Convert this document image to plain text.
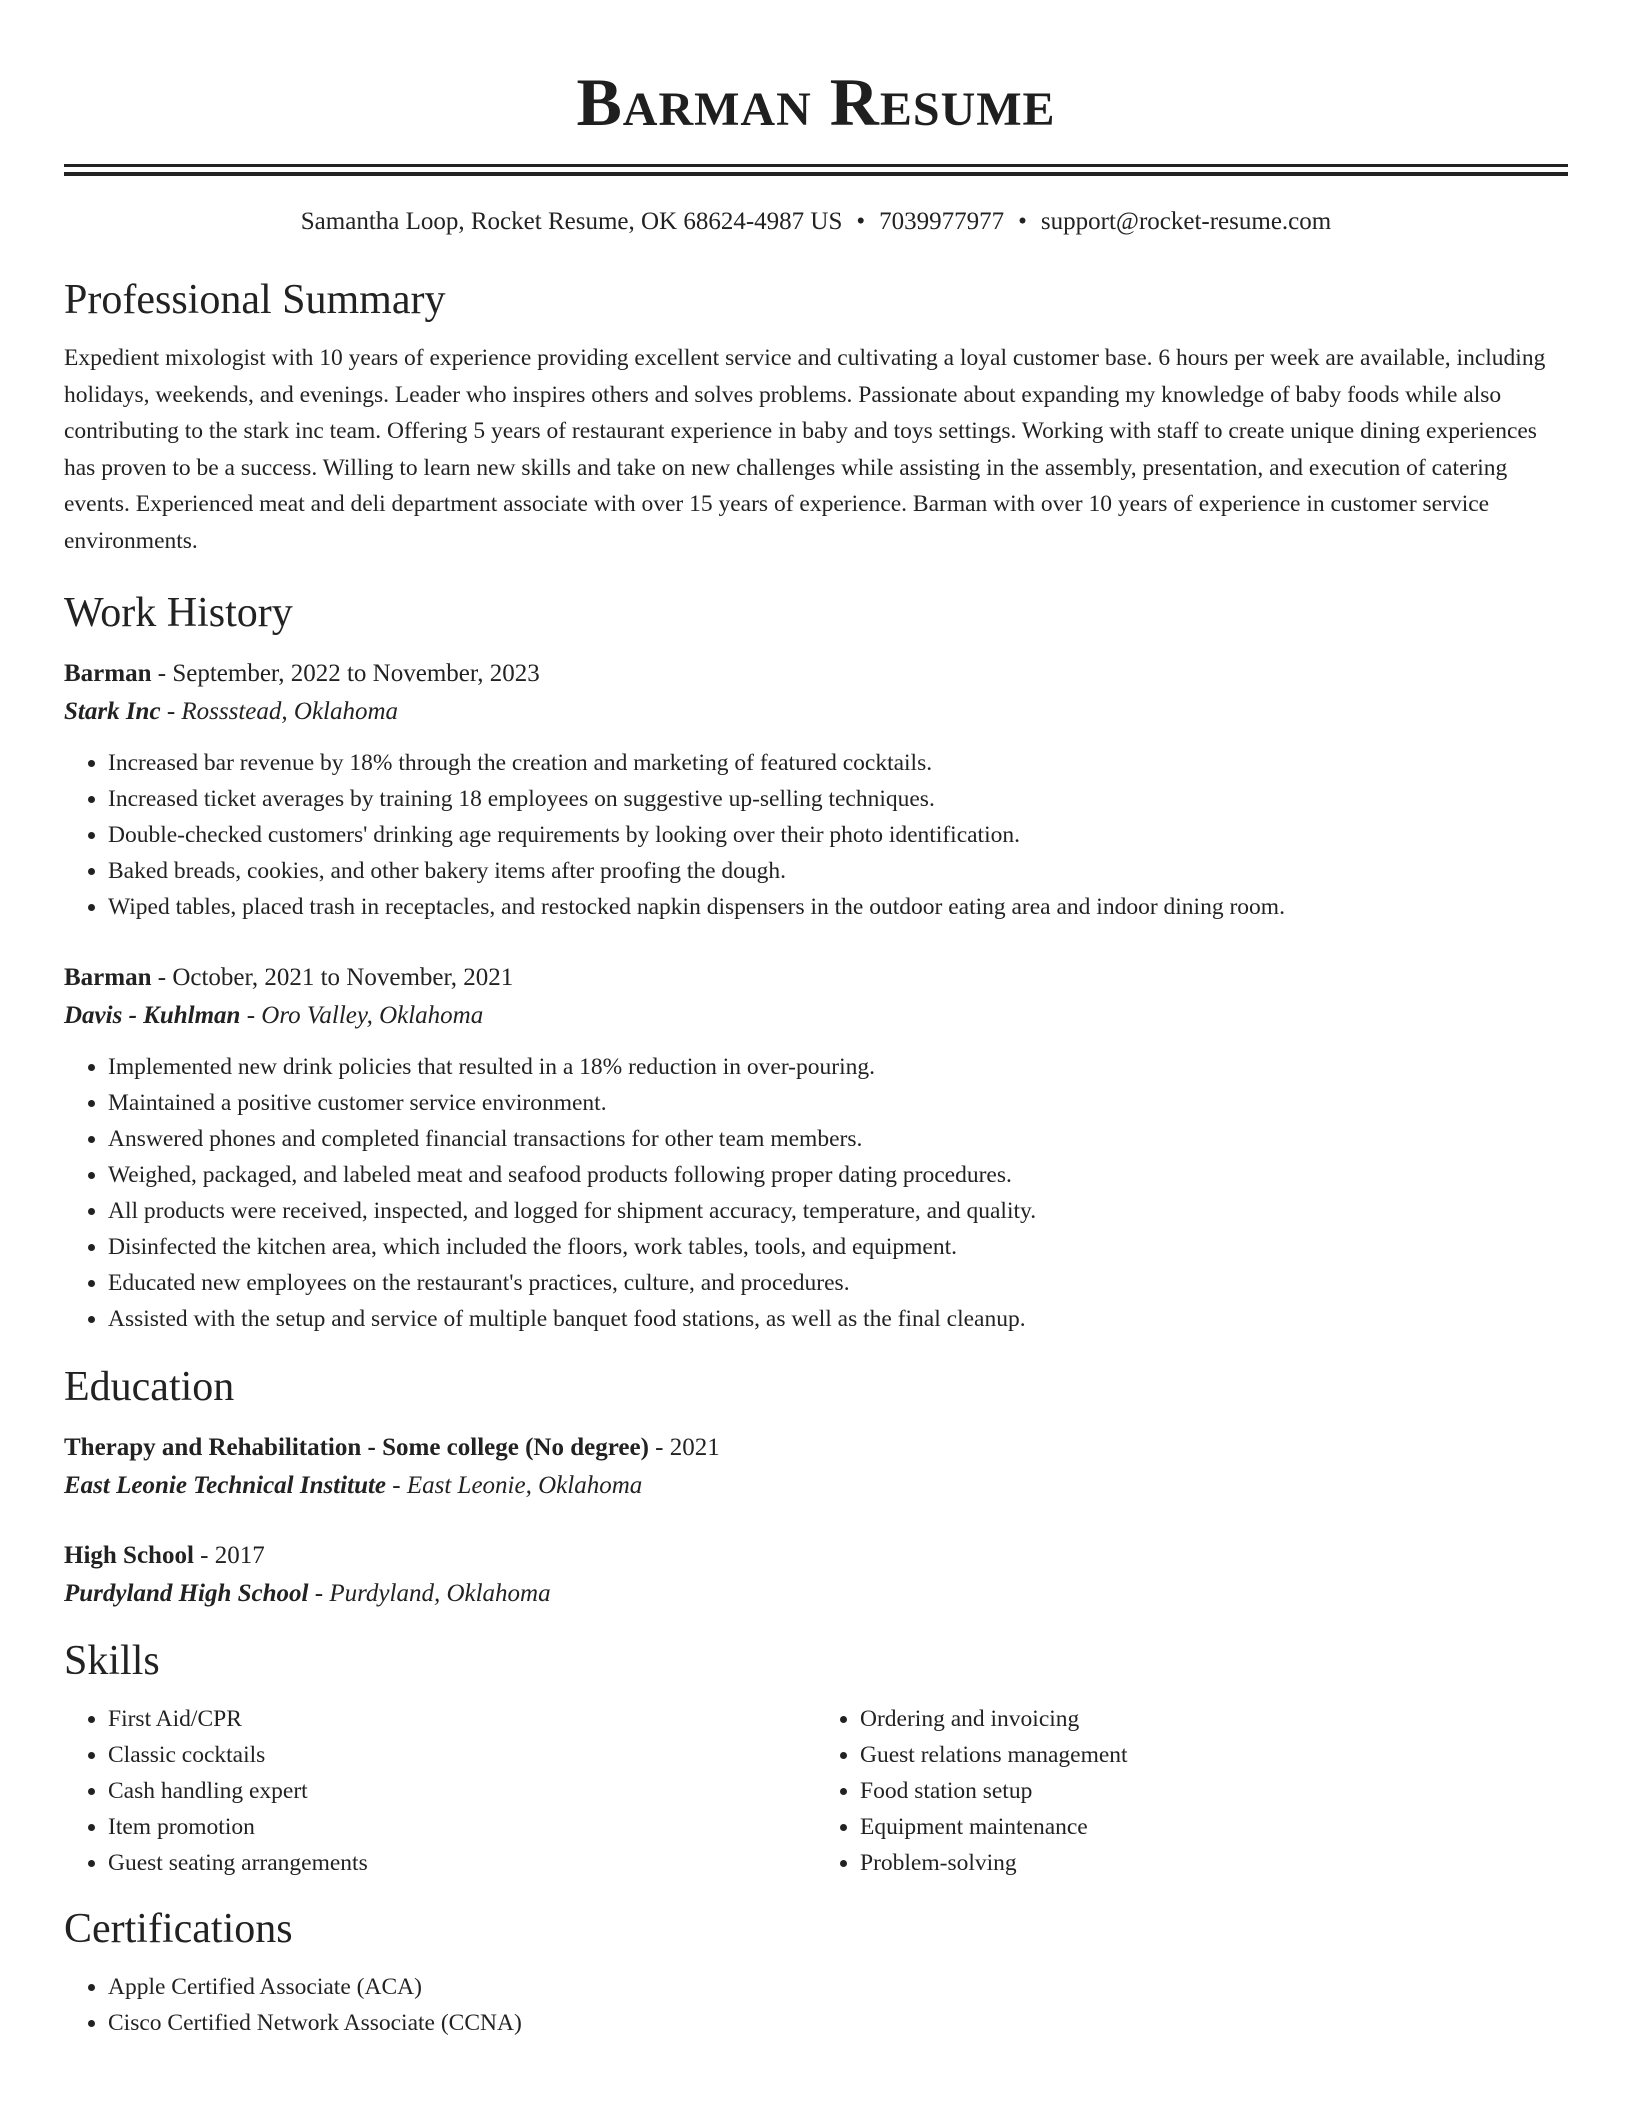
Barman Resume
Samantha Loop, Rocket Resume, OK 68624-4987 US • 7039977977 • support@rocket-resume.com
Professional Summary
Expedient mixologist with 10 years of experience providing excellent service and cultivating a loyal customer base. 6 hours per week are available, including holidays, weekends, and evenings. Leader who inspires others and solves problems. Passionate about expanding my knowledge of baby foods while also contributing to the stark inc team. Offering 5 years of restaurant experience in baby and toys settings. Working with staff to create unique dining experiences has proven to be a success. Willing to learn new skills and take on new challenges while assisting in the assembly, presentation, and execution of catering events. Experienced meat and deli department associate with over 15 years of experience. Barman with over 10 years of experience in customer service environments.
Work History
Barman - September, 2022 to November, 2023
Stark Inc - Rossstead, Oklahoma
• Increased bar revenue by 18% through the creation and marketing of featured cocktails.
• Increased ticket averages by training 18 employees on suggestive up-selling techniques.
• Double-checked customers' drinking age requirements by looking over their photo identification.
• Baked breads, cookies, and other bakery items after proofing the dough.
• Wiped tables, placed trash in receptacles, and restocked napkin dispensers in the outdoor eating area and indoor dining room.
Barman - October, 2021 to November, 2021
Davis - Kuhlman - Oro Valley, Oklahoma
• Implemented new drink policies that resulted in a 18% reduction in over-pouring.
• Maintained a positive customer service environment.
• Answered phones and completed financial transactions for other team members.
• Weighed, packaged, and labeled meat and seafood products following proper dating procedures.
• All products were received, inspected, and logged for shipment accuracy, temperature, and quality.
• Disinfected the kitchen area, which included the floors, work tables, tools, and equipment.
• Educated new employees on the restaurant's practices, culture, and procedures.
• Assisted with the setup and service of multiple banquet food stations, as well as the final cleanup.
Education
Therapy and Rehabilitation - Some college (No degree) - 2021
East Leonie Technical Institute - East Leonie, Oklahoma
High School - 2017
Purdyland High School - Purdyland, Oklahoma
Skills
• First Aid/CPR
• Classic cocktails
• Cash handling expert
• Item promotion
• Guest seating arrangements
• Ordering and invoicing
• Guest relations management
• Food station setup
• Equipment maintenance
• Problem-solving
Certifications
• Apple Certified Associate (ACA)
• Cisco Certified Network Associate (CCNA)
